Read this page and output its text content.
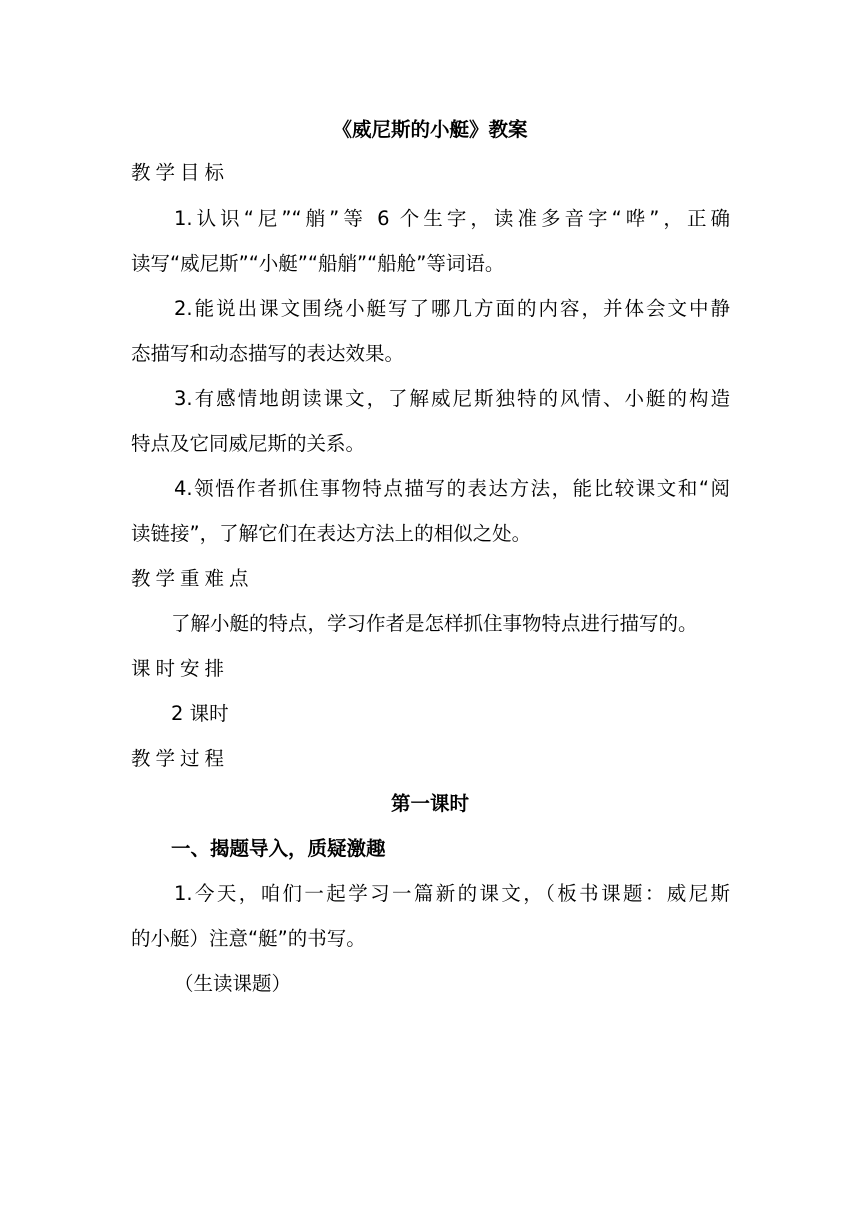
《威尼斯的小艇》教案
教学目标
1.认识“尼”“艄”等 6 个生字，读准多音字“哗”，正确
读写“威尼斯”“小艇”“船艄”“船舱”等词语。
2.能说出课文围绕小艇写了哪几方面的内容，并体会文中静
态描写和动态描写的表达效果。
3.有感情地朗读课文，了解威尼斯独特的风情、小艇的构造
特点及它同威尼斯的关系。
4.领悟作者抓住事物特点描写的表达方法，能比较课文和“阅
读链接”，了解它们在表达方法上的相似之处。
教学重难点
了解小艇的特点，学习作者是怎样抓住事物特点进行描写的。
课时安排
2 课时
教学过程
第一课时
一、揭题导入，质疑激趣
1.今天，咱们一起学习一篇新的课文，（板书课题：威尼斯
的小艇）注意“艇”的书写。
（生读课题）
